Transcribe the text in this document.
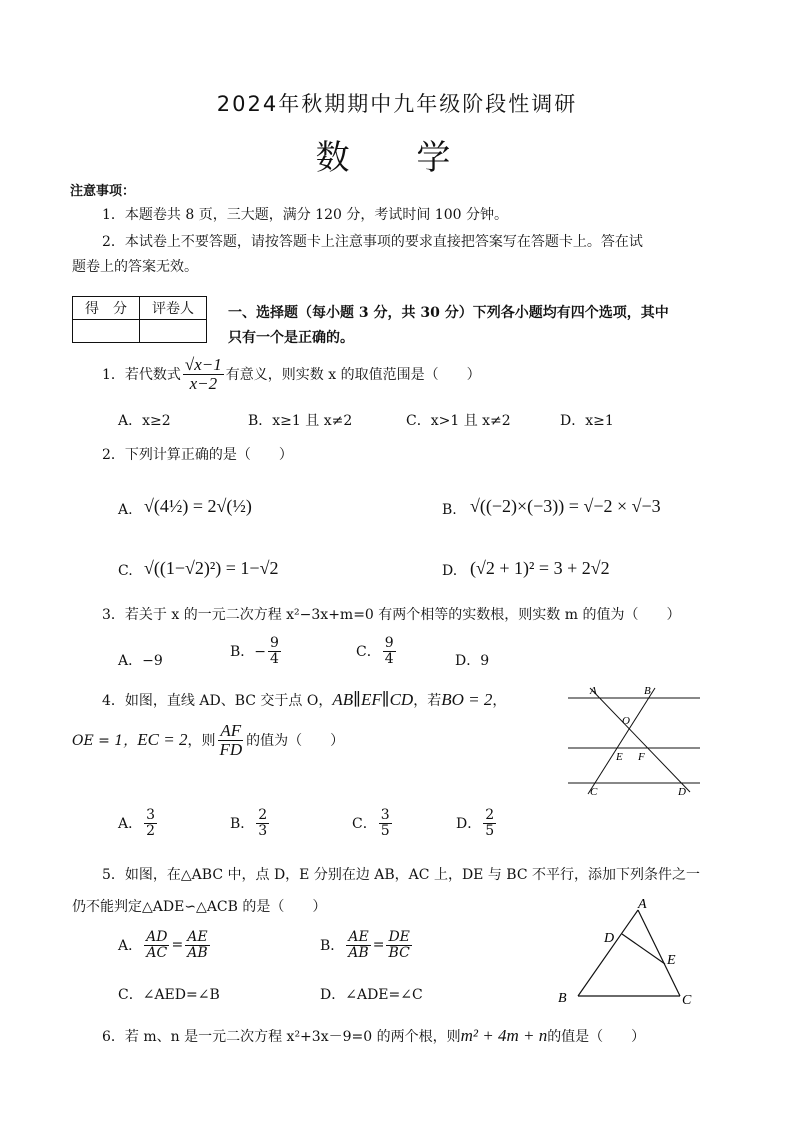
2024年秋期期中九年级阶段性调研
数 学
注意事项：
1．本题卷共 8 页，三大题，满分 120 分，考试时间 100 分钟。
2．本试卷上不要答题，请按答题卡上注意事项的要求直接把答案写在答题卡上。答在试
题卷上的答案无效。
得　分	评卷人
	一、选择题（每小题 3 分，共 30 分）下列各小题均有四个选项，其中
只有一个是正确的。
1．若代数式 $\frac{√x-1}{x-2}$ 有意义，则实数 x 的取值范围是（　　）
A．x≥2	B．x≥1 且 x≠2	C．x>1 且 x≠2	D．x≥1
2．下列计算正确的是（　　）
A. √(4½) = 2√(½)	B. √((−2)×(−3)) = √−2 × √−3
C. √((1−√2)²) = 1−√2	D. (√2 + 1)² = 3 + 2√2
3．若关于 x 的一元二次方程 x²−3x+m=0 有两个相等的实数根，则实数 m 的值为（　　）
A．−9
B．− $\frac{9}{4}$	C． $\frac{9}{4}$	D．9
4．如图，直线 AD、BC 交于点 O， AB∥EF∥CD ，若 BO = 2 ，
OE = 1， EC = 2 ，则 $\frac{AF}{FD}$ 的值为（　　）
A	B
O
E F
C	D
A． $\frac{3}{2}$	B． $\frac{2}{3}$	C． $\frac{3}{5}$	D． $\frac{2}{5}$
5．如图，在△ABC 中，点 D，E 分别在边 AB，AC 上，DE 与 BC 不平行，添加下列条件之一
仍不能判定△ADE∽△ACB 的是（　　）
A． $\frac{AD}{AC} = \frac{AE}{AB}$	B． $\frac{AE}{AB} = \frac{DE}{BC}$
C．∠AED=∠B	D．∠ADE=∠C
A
D
E
B	C
6．若 m、n 是一元二次方程 x²+3x－9=0 的两个根，则 m² + 4m + n 的值是（　　）
